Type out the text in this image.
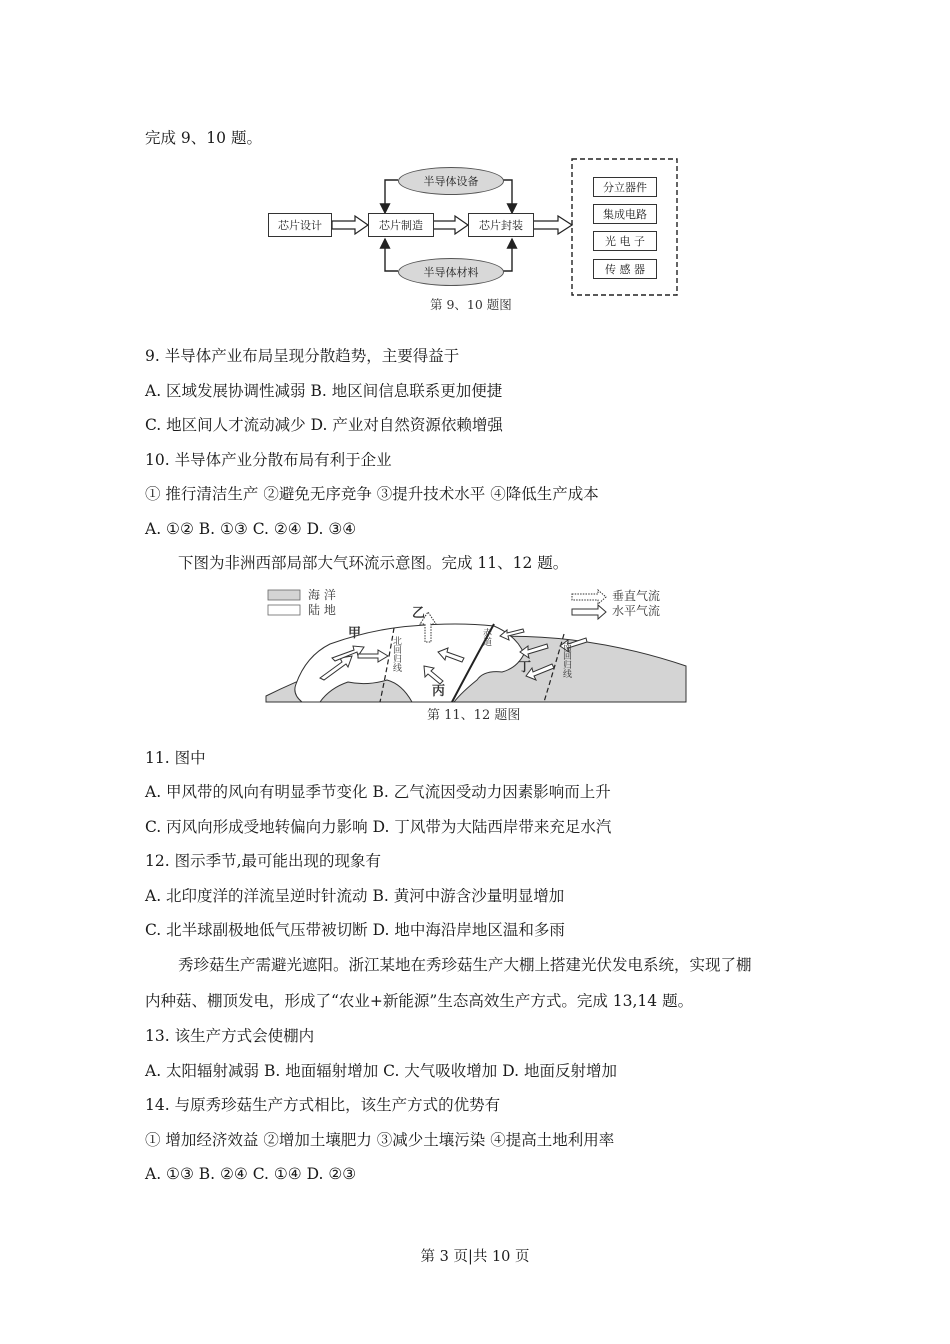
完成 9、10 题。
芯片设计	芯片制造	芯片封装
半导体设备
半导体材料
分立器件
集成电路
光 电 子
传 感 器
第 9、10 题图
9. 半导体产业布局呈现分散趋势，主要得益于
A. 区域发展协调性减弱 B. 地区间信息联系更加便捷
C. 地区间人才流动减少 D. 产业对自然资源依赖增强
10. 半导体产业分散布局有利于企业
① 推行清洁生产 ②避免无序竞争 ③提升技术水平 ④降低生产成本
A. ①② B. ①③ C. ②④ D. ③④
下图为非洲西部局部大气环流示意图。完成 11、12 题。
海 洋
陆 地
垂直气流
水平气流
甲
乙
丙
丁
北回归线	赤道
南回归线
第 11、12 题图
11. 图中
A. 甲风带的风向有明显季节变化 B. 乙气流因受动力因素影响而上升
C. 丙风向形成受地转偏向力影响 D. 丁风带为大陆西岸带来充足水汽
12. 图示季节,最可能出现的现象有
A. 北印度洋的洋流呈逆时针流动 B. 黄河中游含沙量明显增加
C. 北半球副极地低气压带被切断 D. 地中海沿岸地区温和多雨
秀珍菇生产需避光遮阳。浙江某地在秀珍菇生产大棚上搭建光伏发电系统，实现了棚
内种菇、棚顶发电，形成了“农业+新能源”生态高效生产方式。完成 13,14 题。
13. 该生产方式会使棚内
A. 太阳辐射减弱 B. 地面辐射增加 C. 大气吸收增加 D. 地面反射增加
14. 与原秀珍菇生产方式相比，该生产方式的优势有
① 增加经济效益 ②增加土壤肥力 ③减少土壤污染 ④提高土地利用率
A. ①③ B. ②④ C. ①④ D. ②③
第 3 页|共 10 页
